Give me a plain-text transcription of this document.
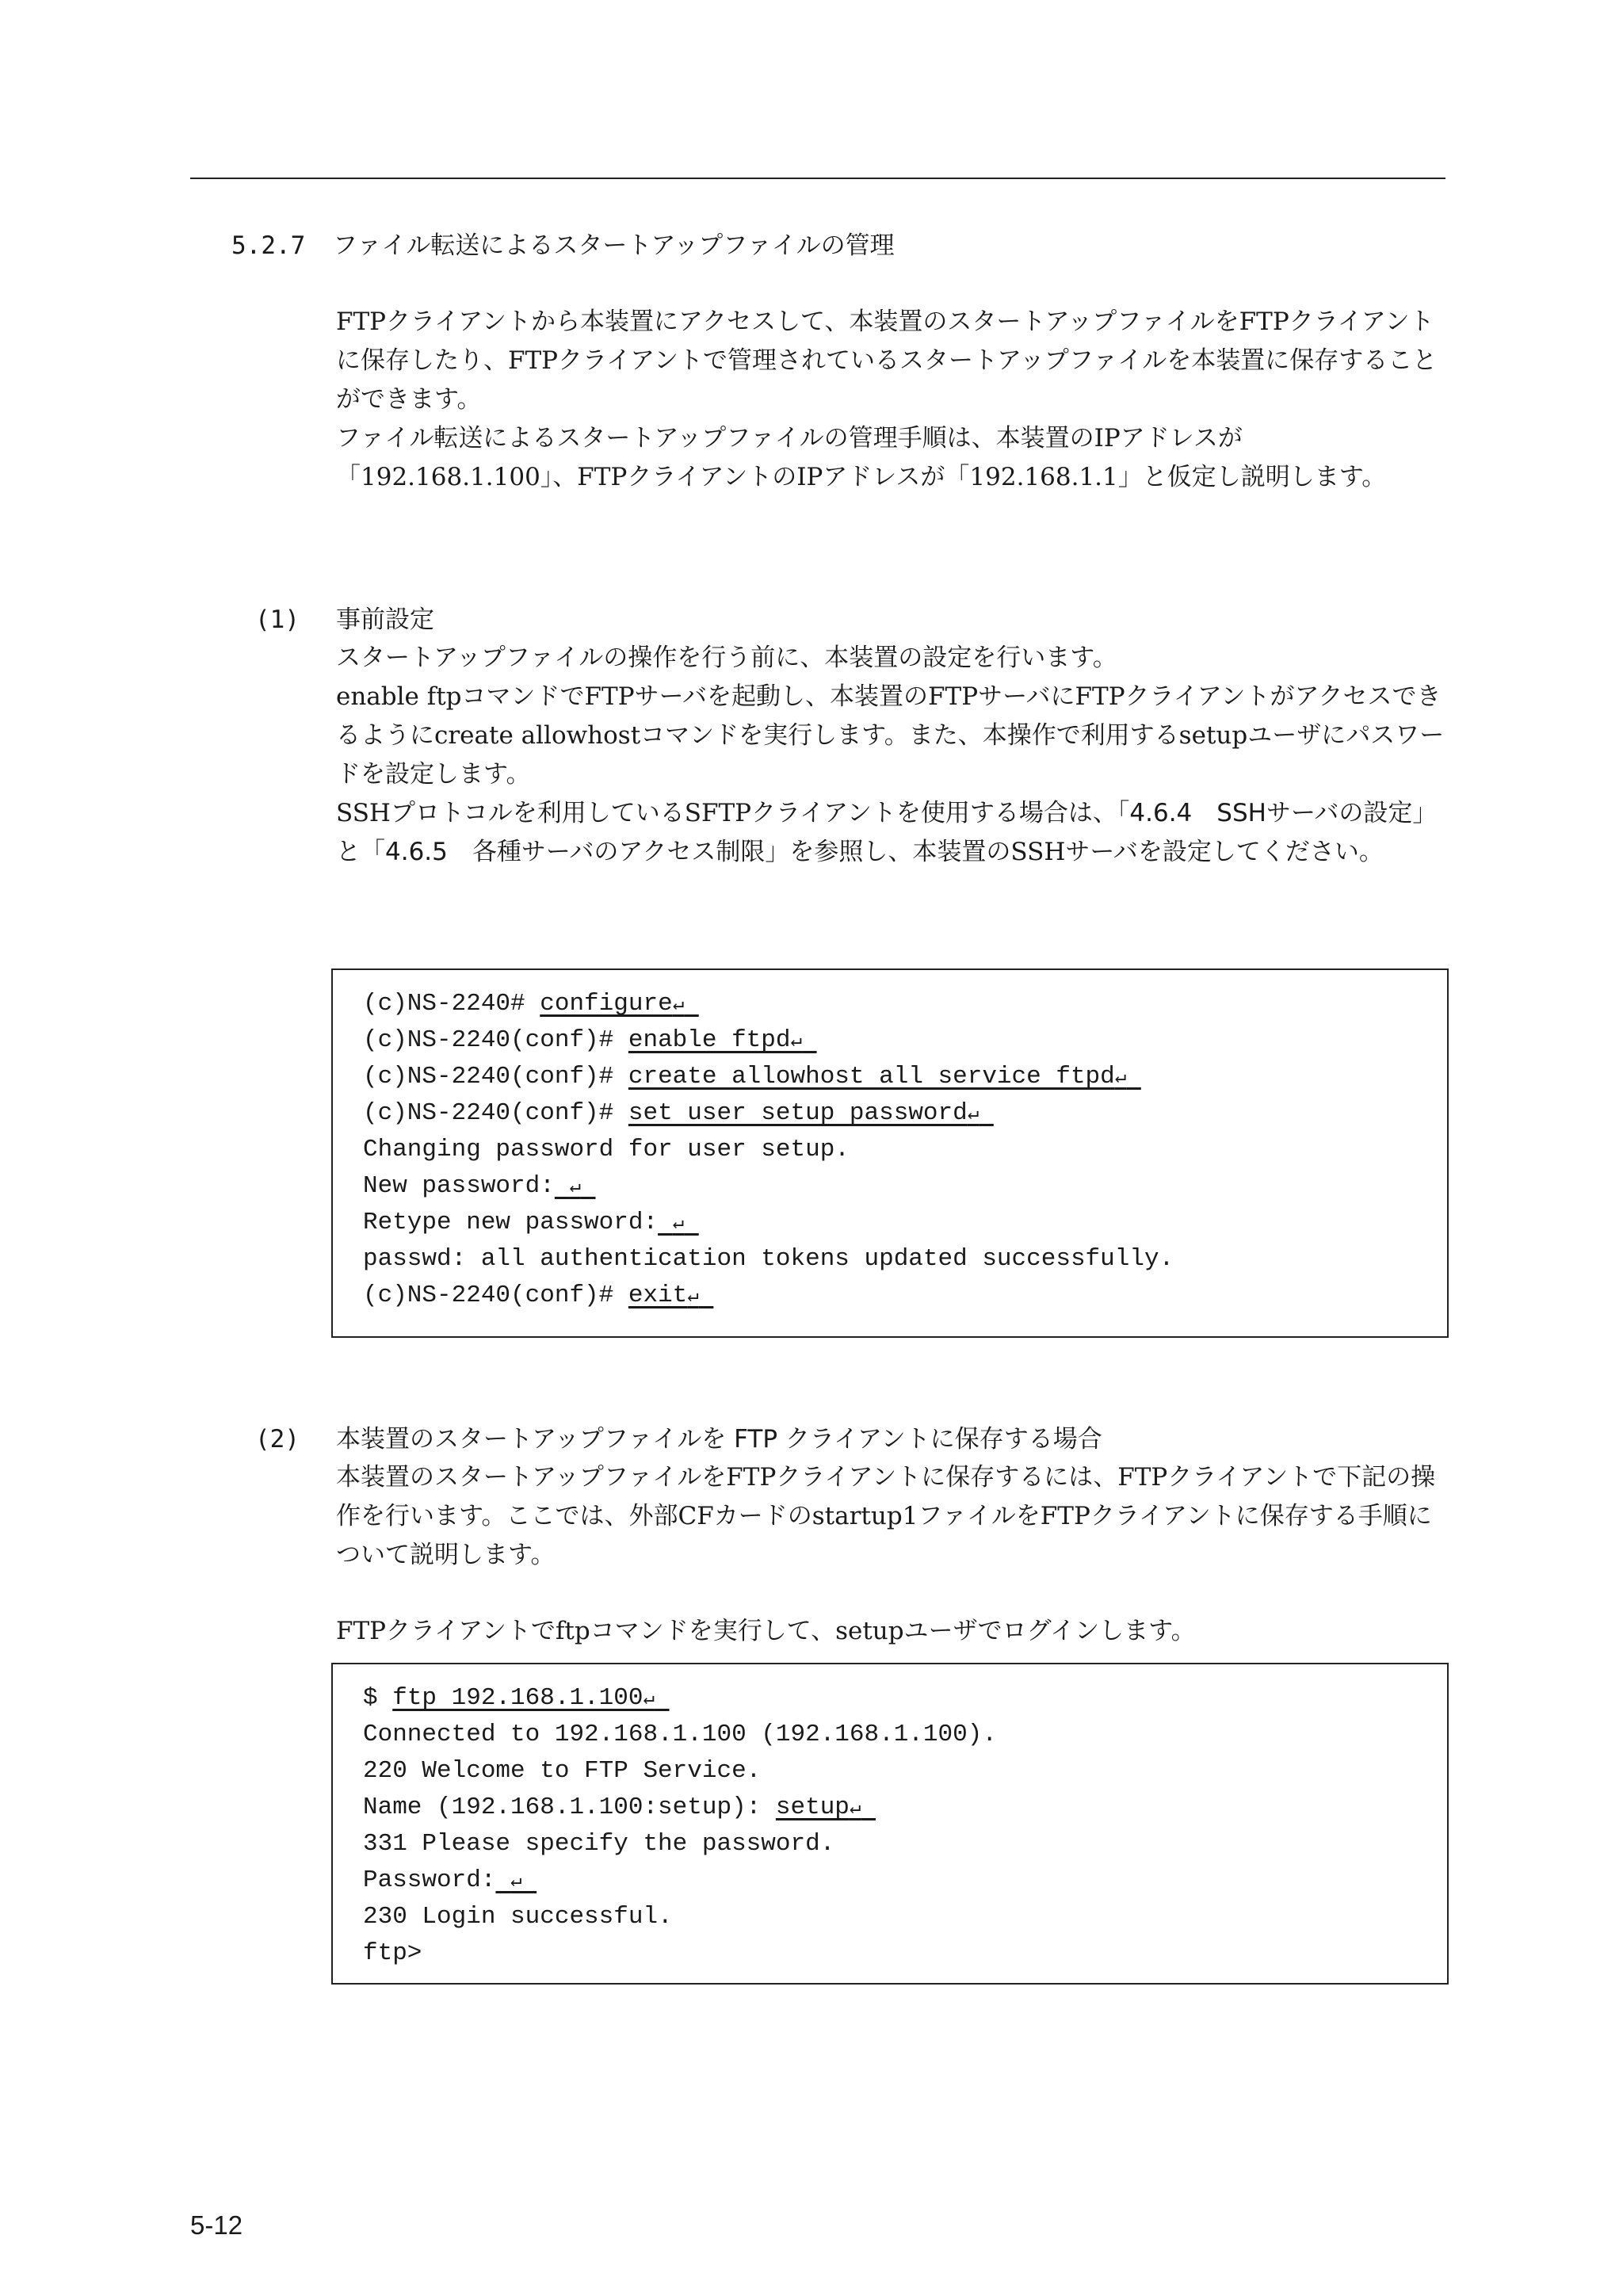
5.2.7 ファイル転送によるスタートアップファイルの管理

FTPクライアントから本装置にアクセスして、本装置のスタートアップファイルをFTPクライアントに保存したり、FTPクライアントで管理されているスタートアップファイルを本装置に保存することができます。

ファイル転送によるスタートアップファイルの管理手順は、本装置のIPアドレスが「192.168.1.100」、FTPクライアントのIPアドレスが「192.168.1.1」と仮定し説明します。

(1) 事前設定

スタートアップファイルの操作を行う前に、本装置の設定を行います。

enable ftpコマンドでFTPサーバを起動し、本装置のFTPサーバにFTPクライアントがアクセスできるようにcreate allowhostコマンドを実行します。また、本操作で利用するsetupユーザにパスワードを設定します。

SSHプロトコルを利用しているSFTPクライアントを使用する場合は、「4.6.4　SSHサーバの設定」と「4.6.5　各種サーバのアクセス制限」を参照し、本装置のSSHサーバを設定してください。

(c)NS-2240# configure↵
(c)NS-2240(conf)# enable ftpd↵
(c)NS-2240(conf)# create allowhost all service ftpd↵
(c)NS-2240(conf)# set user setup password↵
Changing password for user setup.
New password: ↵
Retype new password: ↵
passwd: all authentication tokens updated successfully.
(c)NS-2240(conf)# exit↵
(2) 本装置のスタートアップファイルを FTP クライアントに保存する場合

本装置のスタートアップファイルをFTPクライアントに保存するには、FTPクライアントで下記の操作を行います。ここでは、外部CFカードのstartup1ファイルをFTPクライアントに保存する手順について説明します。

FTPクライアントでftpコマンドを実行して、setupユーザでログインします。

$ ftp 192.168.1.100↵
Connected to 192.168.1.100 (192.168.1.100).
220 Welcome to FTP Service.
Name (192.168.1.100:setup): setup↵
331 Please specify the password.
Password: ↵
230 Login successful.
ftp>
5-12
